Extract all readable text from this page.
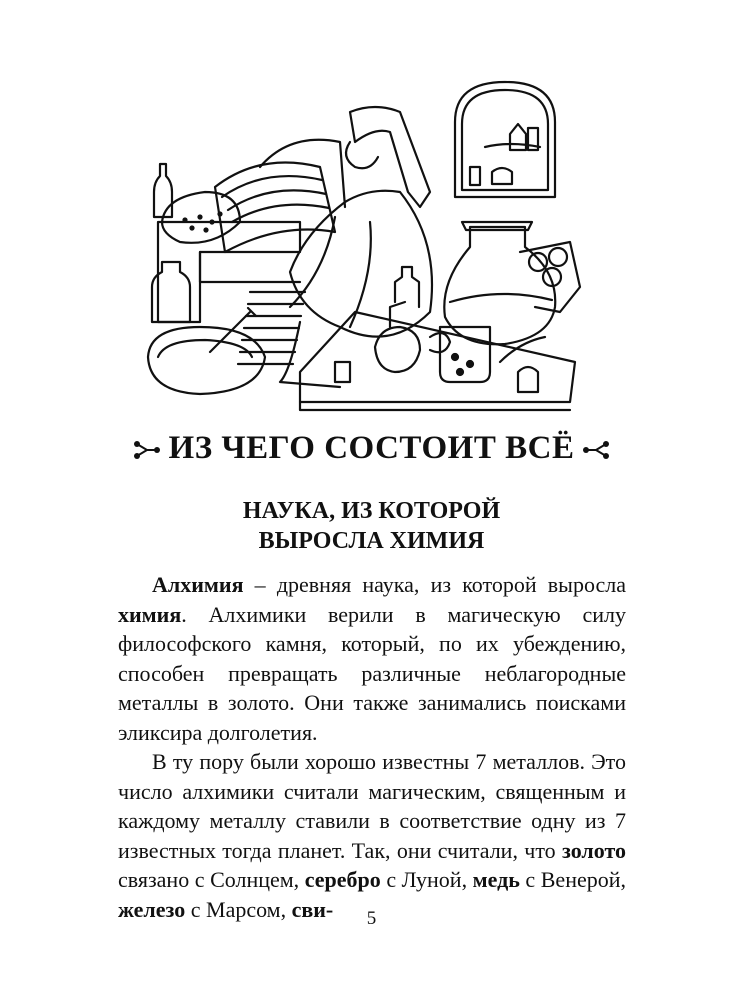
ИЗ ЧЕГО СОСТОИТ ВСЁ
НАУКА, ИЗ КОТОРОЙ
ВЫРОСЛА ХИМИЯ

Алхимия – древняя наука, из которой выросла химия. Алхимики верили в магическую силу философского камня, который, по их убеждению, способен превращать различные неблагородные металлы в золото. Они также занимались поисками эликсира долголетия.

В ту пору были хорошо известны 7 металлов. Это число алхимики считали магическим, священным и каждому металлу ставили в соответствие одну из 7 известных тогда планет. Так, они считали, что золото связано с Солнцем, серебро с Луной, медь с Венерой, железо с Марсом, сви-	5
